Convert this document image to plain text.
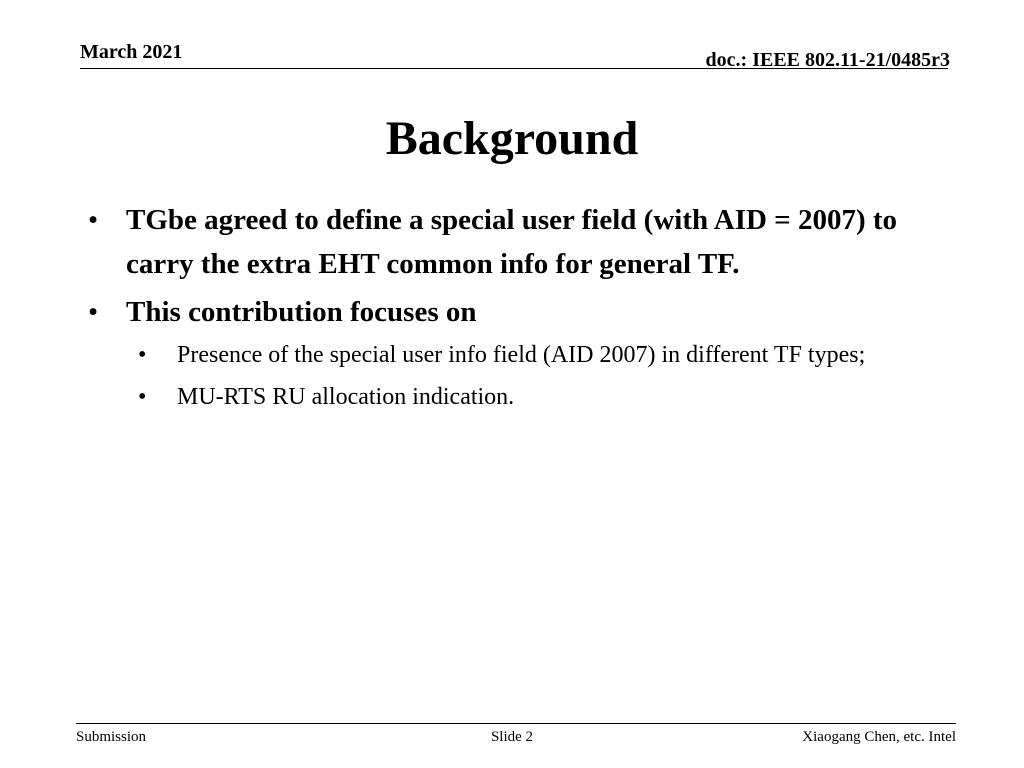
March 2021	doc.: IEEE 802.11-21/0485r3
Background
• TGbe agreed to define a special user field (with AID = 2007) to carry the extra EHT common info for general TF.
• This contribution focuses on
• Presence of the special user info field (AID 2007) in different TF types;
• MU-RTS RU allocation indication.
Submission	Slide 2	Xiaogang Chen, etc. Intel
